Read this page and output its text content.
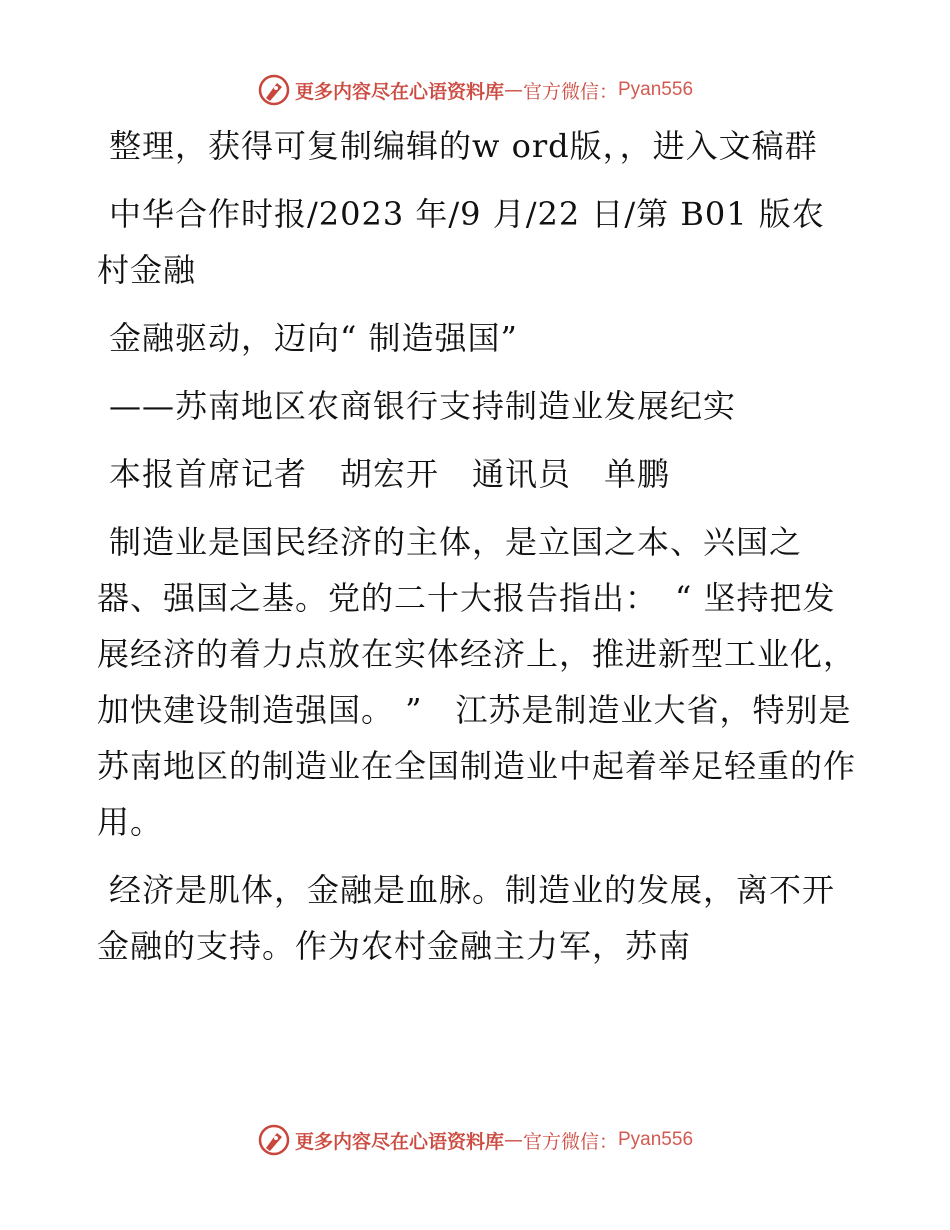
更多内容尽在心语资料库 — 官方微信： Pyan556

整理，获得可复制编辑的w ord版，，进入文稿群

中华合作时报/2023 年/9 月/22 日/第 B01 版农村金融

金融驱动，迈向“ 制造强国”

——苏南地区农商银行支持制造业发展纪实

本报首席记者　胡宏开　通讯员　单鹏

制造业是国民经济的主体，是立国之本、兴国之器、强国之基。党的二十大报告指出：　“ 坚持把发展经济的着力点放在实体经济上，推进新型工业化，加快建设制造强国。 ”　江苏是制造业大省，特别是苏南地区的制造业在全国制造业中起着举足轻重的作用。

经济是肌体，金融是血脉。制造业的发展，离不开金融的支持。作为农村金融主力军，苏南

更多内容尽在心语资料库 — 官方微信： Pyan556
